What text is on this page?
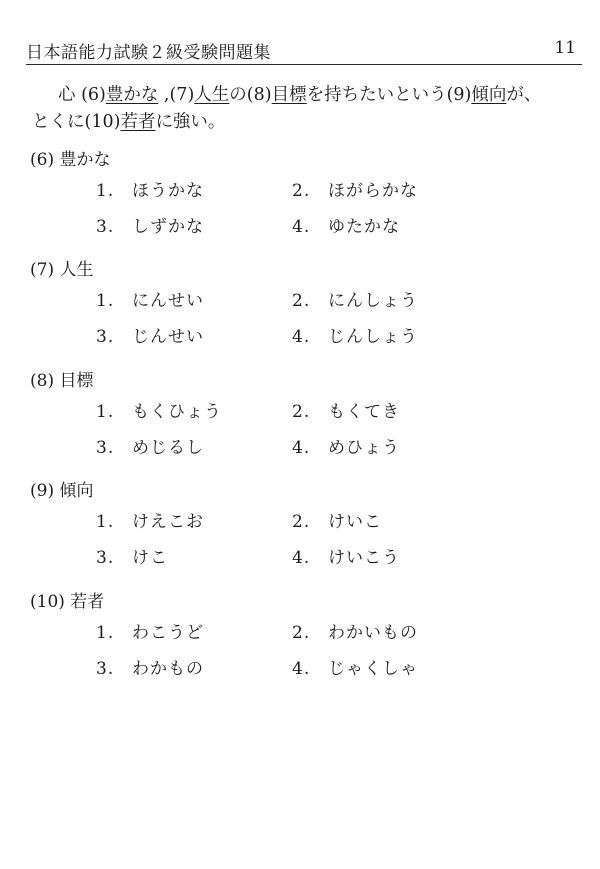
日本語能力試験２級受験問題集	11
心 (6)豊かな ,(7)人生の(8)目標を持ちたいという(9)傾向が、
とくに(10)若者に強い。
(6) 豊かな
1. ほうかな	2. ほがらかな
3. しずかな	4. ゆたかな
(7) 人生
1. にんせい	2. にんしょう
3. じんせい	4. じんしょう
(8) 目標
1. もくひょう	2. もくてき
3. めじるし	4. めひょう
(9) 傾向
1. けえこお	2. けいこ
3. けこ	4. けいこう
(10) 若者
1. わこうど	2. わかいもの
3. わかもの	4. じゃくしゃ
